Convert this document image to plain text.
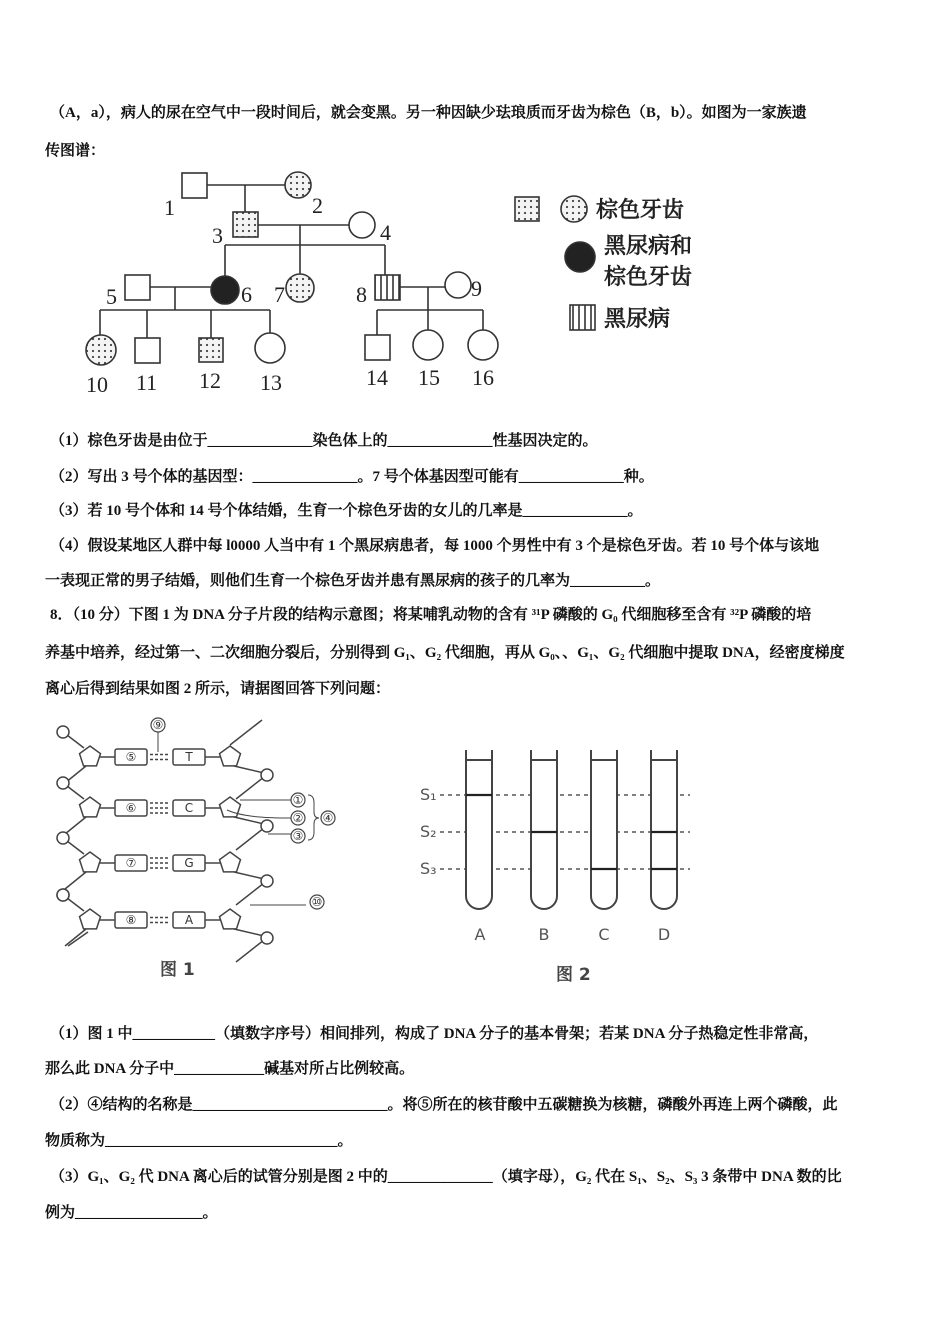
（A，a），病人的尿在空气中一段时间后，就会变黑。另一种因缺少珐琅质而牙齿为棕色（B，b）。如图为一家族遗
传图谱：
（1）棕色牙齿是由位于______________染色体上的______________性基因决定的。
（2）写出 3 号个体的基因型：______________。7 号个体基因型可能有______________种。
（3）若 10 号个体和 14 号个体结婚，生育一个棕色牙齿的女儿的几率是______________。
（4）假设某地区人群中每 l0000 人当中有 1 个黑尿病患者，每 1000 个男性中有 3 个是棕色牙齿。若 10 号个体与该地
一表现正常的男子结婚，则他们生育一个棕色牙齿并患有黑尿病的孩子的几率为__________。
8．（10 分）下图 1 为 DNA 分子片段的结构示意图；将某哺乳动物的含有 ³¹P 磷酸的 G₀ 代细胞移至含有 ³²P 磷酸的培
养基中培养，经过第一、二次细胞分裂后，分别得到 G₁、G₂ 代细胞，再从 G₀、、G₁、G₂ 代细胞中提取 DNA，经密度梯度
离心后得到结果如图 2 所示，请据图回答下列问题：
（1）图 1 中___________（填数字序号）相间排列，构成了 DNA 分子的基本骨架；若某 DNA 分子热稳定性非常高，
那么此 DNA 分子中____________碱基对所占比例较高。
（2）④结构的名称是__________________________。将⑤所在的核苷酸中五碳糖换为核糖，磷酸外再连上两个磷酸，此
物质称为_______________________________。
（3）G₁、G₂ 代 DNA 离心后的试管分别是图 2 中的______________（填字母），G₂ 代在 S₁、S₂、S₃ 3 条带中 DNA 数的比
例为_________________。
1	2
3	4
5	6 7	8	9
10 11 12 13	14 15 16
棕色牙齿
黑尿病和
棕色牙齿
黑尿病
⑨
①
②
③
④
⑩
⑤
⑥
⑦
⑧
T
C
G
A
图 1
S₁
S₂
S₃
A	B	C	D
图 2
